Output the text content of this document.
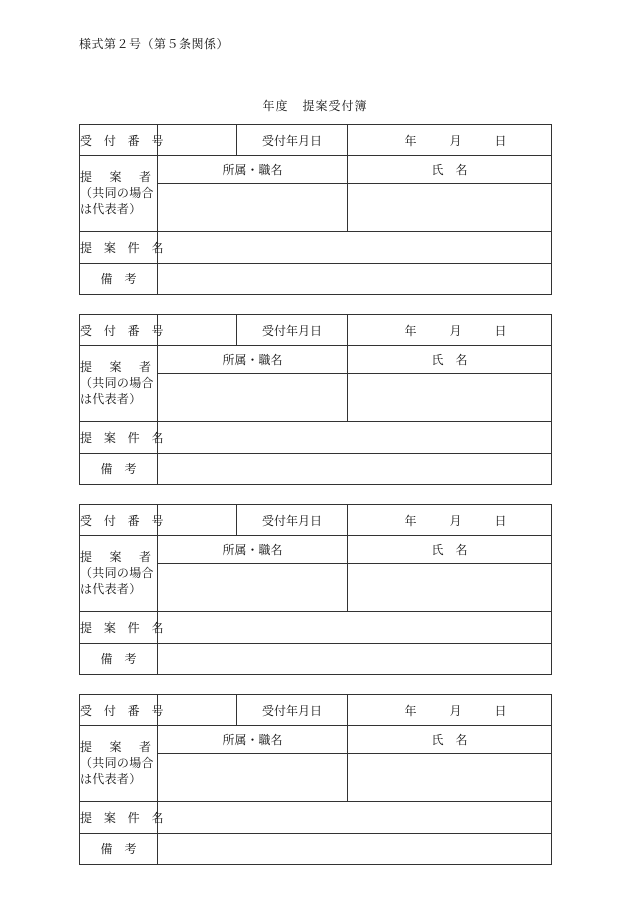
様式第２号（第５条関係）
年度 提案受付簿
受 付 番 号		受付年月日	年 月 日

提 案 者
（共同の場合
は代表者）	所属・職名		氏　名

提 案 件 名			
備　考			
受 付 番 号		受付年月日	年 月 日

提 案 者
（共同の場合
は代表者）	所属・職名		氏　名

提 案 件 名			
備　考			
受 付 番 号		受付年月日	年 月 日

提 案 者
（共同の場合
は代表者）	所属・職名		氏　名

提 案 件 名			
備　考			
受 付 番 号		受付年月日	年 月 日

提 案 者
（共同の場合
は代表者）	所属・職名		氏　名

提 案 件 名			
備　考			
